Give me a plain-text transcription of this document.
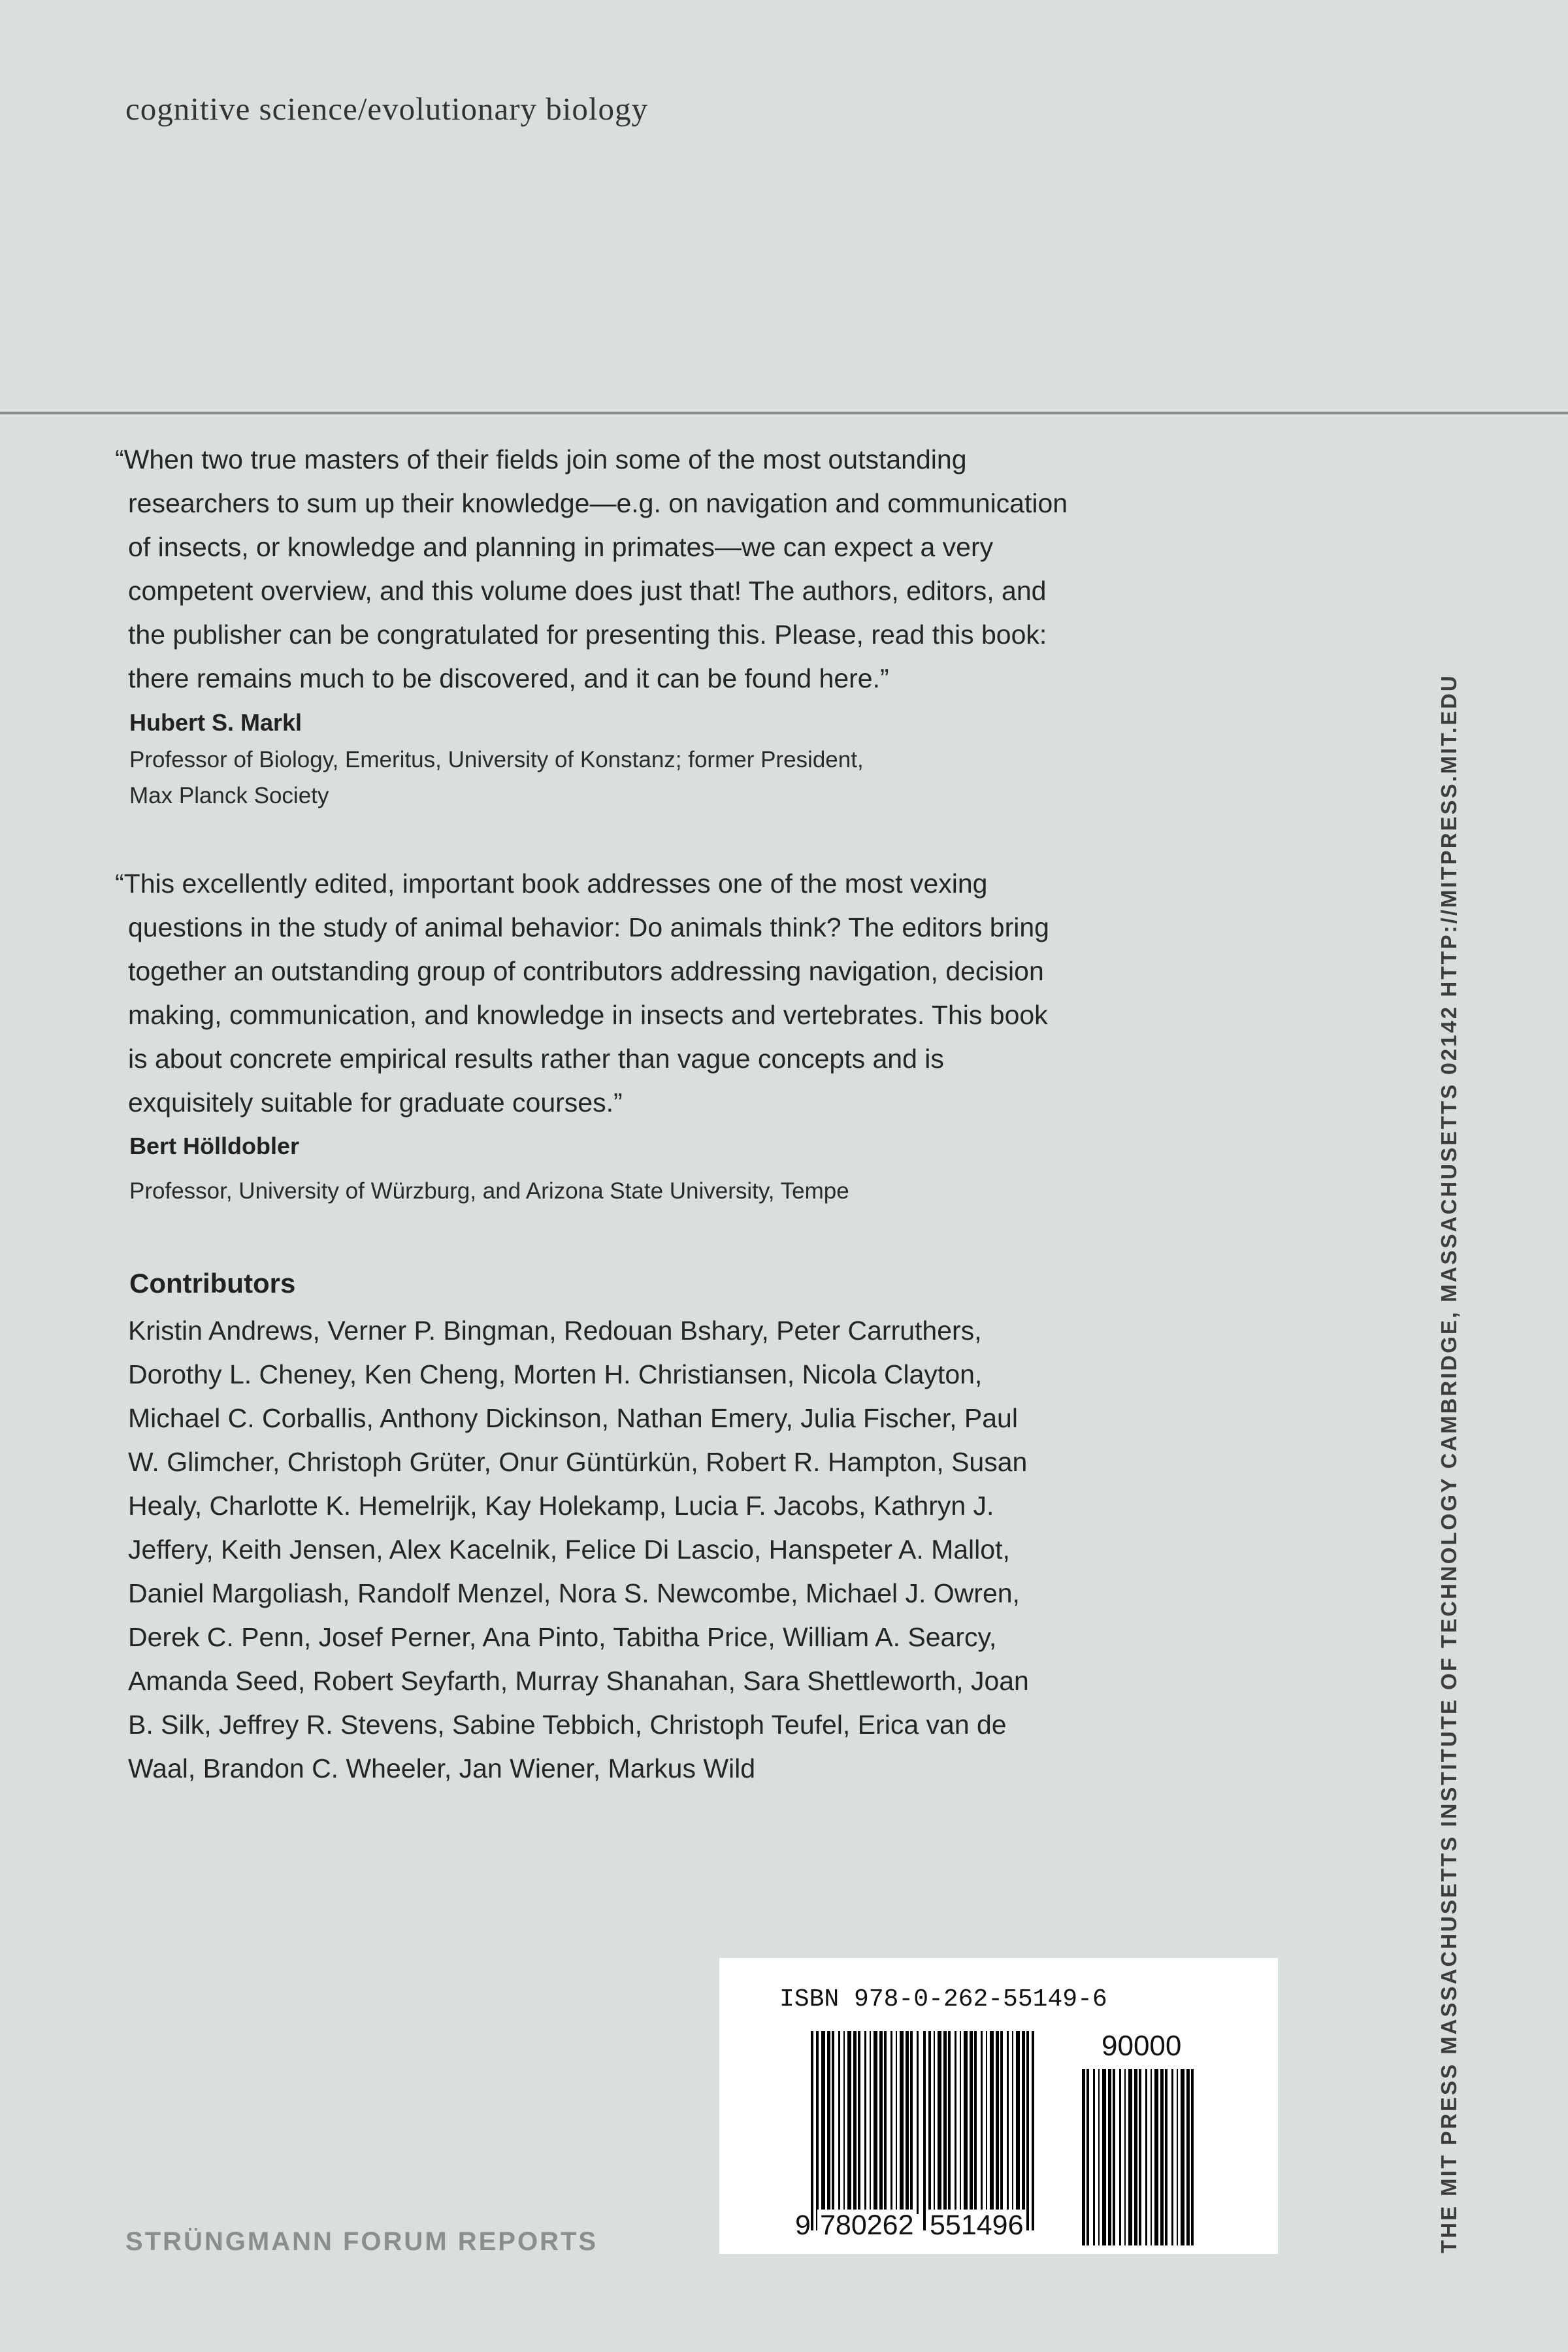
cognitive science/evolutionary biology
“When two true masters of their fields join some of the most outstanding researchers to sum up their knowledge—e.g. on navigation and communication of insects, or knowledge and planning in primates—we can expect a very competent overview, and this volume does just that! The authors, editors, and the publisher can be congratulated for presenting this. Please, read this book: there remains much to be discovered, and it can be found here.”
Hubert S. Markl
Professor of Biology, Emeritus, University of Konstanz; former President,
Max Planck Society
“This excellently edited, important book addresses one of the most vexing questions in the study of animal behavior: Do animals think? The editors bring together an outstanding group of contributors addressing navigation, decision making, communication, and knowledge in insects and vertebrates. This book is about concrete empirical results rather than vague concepts and is exquisitely suitable for graduate courses.”
Bert Hölldobler
Professor, University of Würzburg, and Arizona State University, Tempe
Contributors
Kristin Andrews, Verner P. Bingman, Redouan Bshary, Peter Carruthers, Dorothy L. Cheney, Ken Cheng, Morten H. Christiansen, Nicola Clayton, Michael C. Corballis, Anthony Dickinson, Nathan Emery, Julia Fischer, Paul W. Glimcher, Christoph Grüter, Onur Güntürkün, Robert R. Hampton, Susan Healy, Charlotte K. Hemelrijk, Kay Holekamp, Lucia F. Jacobs, Kathryn J. Jeffery, Keith Jensen, Alex Kacelnik, Felice Di Lascio, Hanspeter A. Mallot, Daniel Margoliash, Randolf Menzel, Nora S. Newcombe, Michael J. Owren, Derek C. Penn, Josef Perner, Ana Pinto, Tabitha Price, William A. Searcy, Amanda Seed, Robert Seyfarth, Murray Shanahan, Sara Shettleworth, Joan B. Silk, Jeffrey R. Stevens, Sabine Tebbich, Christoph Teufel, Erica van de Waal, Brandon C. Wheeler, Jan Wiener, Markus Wild
STRÜNGMANN FORUM REPORTS	THE MIT PRESS MASSACHUSETTS INSTITUTE OF TECHNOLOGY CAMBRIDGE, MASSACHUSETTS 02142 HTTP://MITPRESS.MIT.EDU
ISBN 978-0-262-55149-6
90000
9 780262 551496
